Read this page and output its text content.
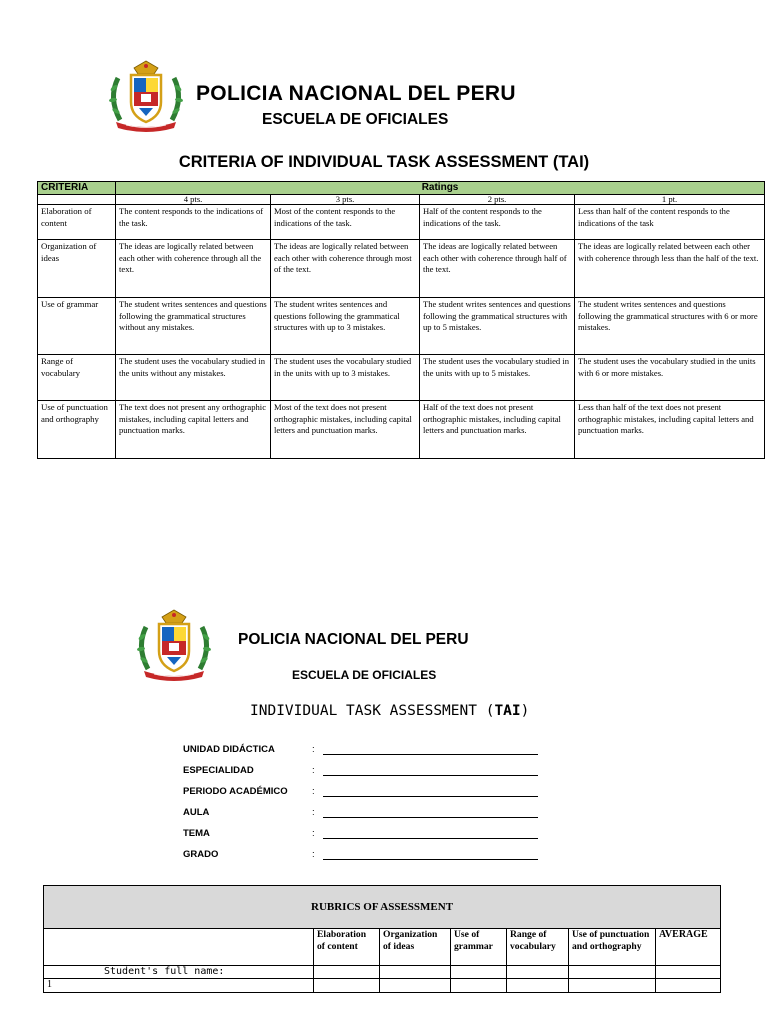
POLICIA NACIONAL DEL PERU
ESCUELA DE OFICIALES
CRITERIA OF INDIVIDUAL TASK ASSESSMENT (TAI)
CRITERIA	Ratings			
	4 pts.	3 pts.	2 pts.	1 pt.
Elaboration of content	The content responds to the indications of the task.	Most of the content responds to the indications of the task.	Half of the content responds to the indications of the task.	Less than half of the content responds to the indications of the task
Organization of ideas	The ideas are logically related between each other with coherence through all the text.	The ideas are logically related between each other with coherence through most of the text.	The ideas are logically related between each other with coherence through half of the text.	The ideas are logically related between each other with coherence through less than the half of the text.
Use of grammar	The student writes sentences and questions following the grammatical structures without any mistakes.	The student writes sentences and questions following the grammatical structures with up to 3 mistakes.	The student writes sentences and questions following the grammatical structures with up to 5 mistakes.	The student writes sentences and questions following the grammatical structures with 6 or more mistakes.
Range of vocabulary	The student uses the vocabulary studied in the units without any mistakes.	The student uses the vocabulary studied in the units with up to 3 mistakes.	The student uses the vocabulary studied in the units with up to 5 mistakes.	The student uses the vocabulary studied in the units with 6 or more mistakes.
Use of punctuation and orthography	The text does not present any orthographic mistakes, including capital letters and punctuation marks.	Most of the text does not present orthographic mistakes, including capital letters and punctuation marks.	Half of the text does not present orthographic mistakes, including capital letters and punctuation marks.	Less than half of the text does not present orthographic mistakes, including capital letters and punctuation marks.
POLICIA NACIONAL DEL PERU
ESCUELA DE OFICIALES
INDIVIDUAL TASK ASSESSMENT (TAI)
UNIDAD DIDÁCTICA	:
ESPECIALIDAD	:
PERIODO ACADÉMICO	:
AULA	:
TEMA	:
GRADO	:
RUBRICS OF ASSESSMENT						
	Elaboration of content	Organization of ideas	Use of grammar	Range of vocabulary	Use of punctuation and orthography	AVERAGE
Student's full name:						
1						
